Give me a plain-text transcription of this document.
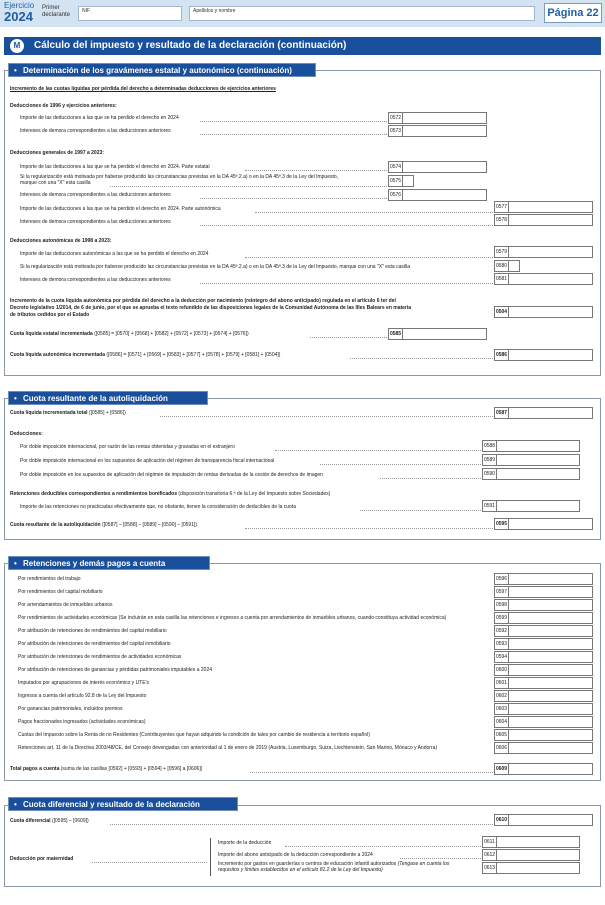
Ejercicio
2024
Primer declarante
NIF	Apellidos y nombre	Página 22
M	Cálculo del impuesto y resultado de la declaración (continuación)
• Determinación de los gravámenes estatal y autonómico (continuación)
Incremento de las cuotas líquidas por pérdida del derecho a determinadas deducciones de ejercicios anteriores
Deducciones de 1996 y ejercicios anteriores:
Importe de las deducciones a las que se ha perdido el derecho en 2024	0572
Intereses de demora correspondientes a las deducciones anteriores	0573
Deducciones generales de 1997 a 2023:
Importe de las deducciones a las que se ha perdido el derecho en 2024. Parte estatal	0574
Si la regularización está motivada por haberse producido las circunstancias previstas en la DA 45ª.2.a) o en la DA 45ª.3 de la Ley del Impuesto,
marque con una "X" esta casilla	0575
Intereses de demora correspondientes a las deducciones anteriores	0576
Importe de las deducciones a las que se ha perdido el derecho en 2024. Parte autonómica	0577
Intereses de demora correspondientes a las deducciones anteriores	0578
Deducciones autonómicas de 1998 a 2023:
Importe de las deducciones autonómicas a las que se ha perdido el derecho en 2024	0579
Si la regularización está motivada por haberse producido las circunstancias previstas en la DA 45ª.2.a) o en la DA 45ª.3 de la Ley del Impuesto, marque con una "X" esta casilla	0580
Intereses de demora correspondientes a las deducciones anteriores	0581
Incremento de la cuota líquida autonómica por pérdida del derecho a la deducción por nacimiento (reintegro del abono anticipado) regulada en el artículo 6 ter del
Decreto legislativo 1/2014, de 6 de junio, por el que se aprueba el texto refundido de las disposiciones legales de la Comunidad Autónoma de las Illes Balears en materia
de tributos cedidos por el Estado	0504
Cuota líquida estatal incrementada ([0585] = [0570] + [0568] + [0582] + [0572] + [0573] + [0574] + [0576])	0585
Cuota líquida autonómica incrementada ([0586] = [0571] + [0569] + [0583] + [0577] + [0578] + [0579] + [0581] + [0504])	0586
• Cuota resultante de la autoliquidación
Cuota líquida incrementada total ([0585] + [0586])	0587
Deducciones:
Por doble imposición internacional, por razón de las rentas obtenidas y gravadas en el extranjero	0588
Por doble imposición internacional en los supuestos de aplicación del régimen de transparencia fiscal internacional	0589
Por doble imposición en los supuestos de aplicación del régimen de imputación de rentas derivadas de la cesión de derechos de imagen	0590
Retenciones deducibles correspondientes a rendimientos bonificados (disposición transitoria 6.ª de la Ley del Impuesto sobre Sociedades)
Importe de las retenciones no practicadas efectivamente que, no obstante, tienen la consideración de deducibles de la cuota	0591
Cuota resultante de la autoliquidación ([0587] – [0588] – [0589] – [0590] – [0591])	0595
• Retenciones y demás pagos a cuenta
Por rendimientos del trabajo	0596
Por rendimientos del capital mobiliario	0597
Por arrendamientos de inmuebles urbanos	0598
Por rendimientos de actividades económicas (Se incluirán en esta casilla las retenciones e ingresos a cuenta por arrendamientos de inmuebles urbanos, cuando constituya actividad económica)	0599
Por atribución de retenciones de rendimientos del capital mobiliario	0592
Por atribución de retenciones de rendimientos del capital inmobiliario	0593
Por atribución de retenciones de rendimientos de actividades económicas	0594
Por atribución de retenciones de ganancias y pérdidas patrimoniales imputables a 2024	0600
Imputados por agrupaciones de interés económico y UTE's	0601
Ingresos a cuenta del artículo 92.8 de la Ley del Impuesto	0602
Por ganancias patrimoniales, incluidos premios	0603
Pagos fraccionados ingresados (actividades económicas)	0604
Cuotas del Impuesto sobre la Renta de no Residentes (Contribuyentes que hayan adquirido la condición de tales por cambio de residencia a territorio español)	0605
Retenciones art. 11 de la Directiva 2003/48/CE, del Consejo devengadas con anterioridad al 1 de enero de 2019 (Austria, Luxemburgo, Suiza, Liechtenstein, San Marino, Mónaco y Andorra)	0606
Total pagos a cuenta (suma de las casillas [0592] + [0593] + [0594] + [0596] a [0606])	0609
• Cuota diferencial y resultado de la declaración
Cuota diferencial ([0595] – [0609])	0610
Deducción por maternidad
Importe de la deducción	0611
Importe del abono anticipado de la deducción correspondiente a 2024	0612
Incremento por gastos en guarderías o centros de educación infantil autorizados (Tengase en cuenta los
requisitos y límites establecidos en el artículo 81.2 de la Ley del Impuesto)	0613
